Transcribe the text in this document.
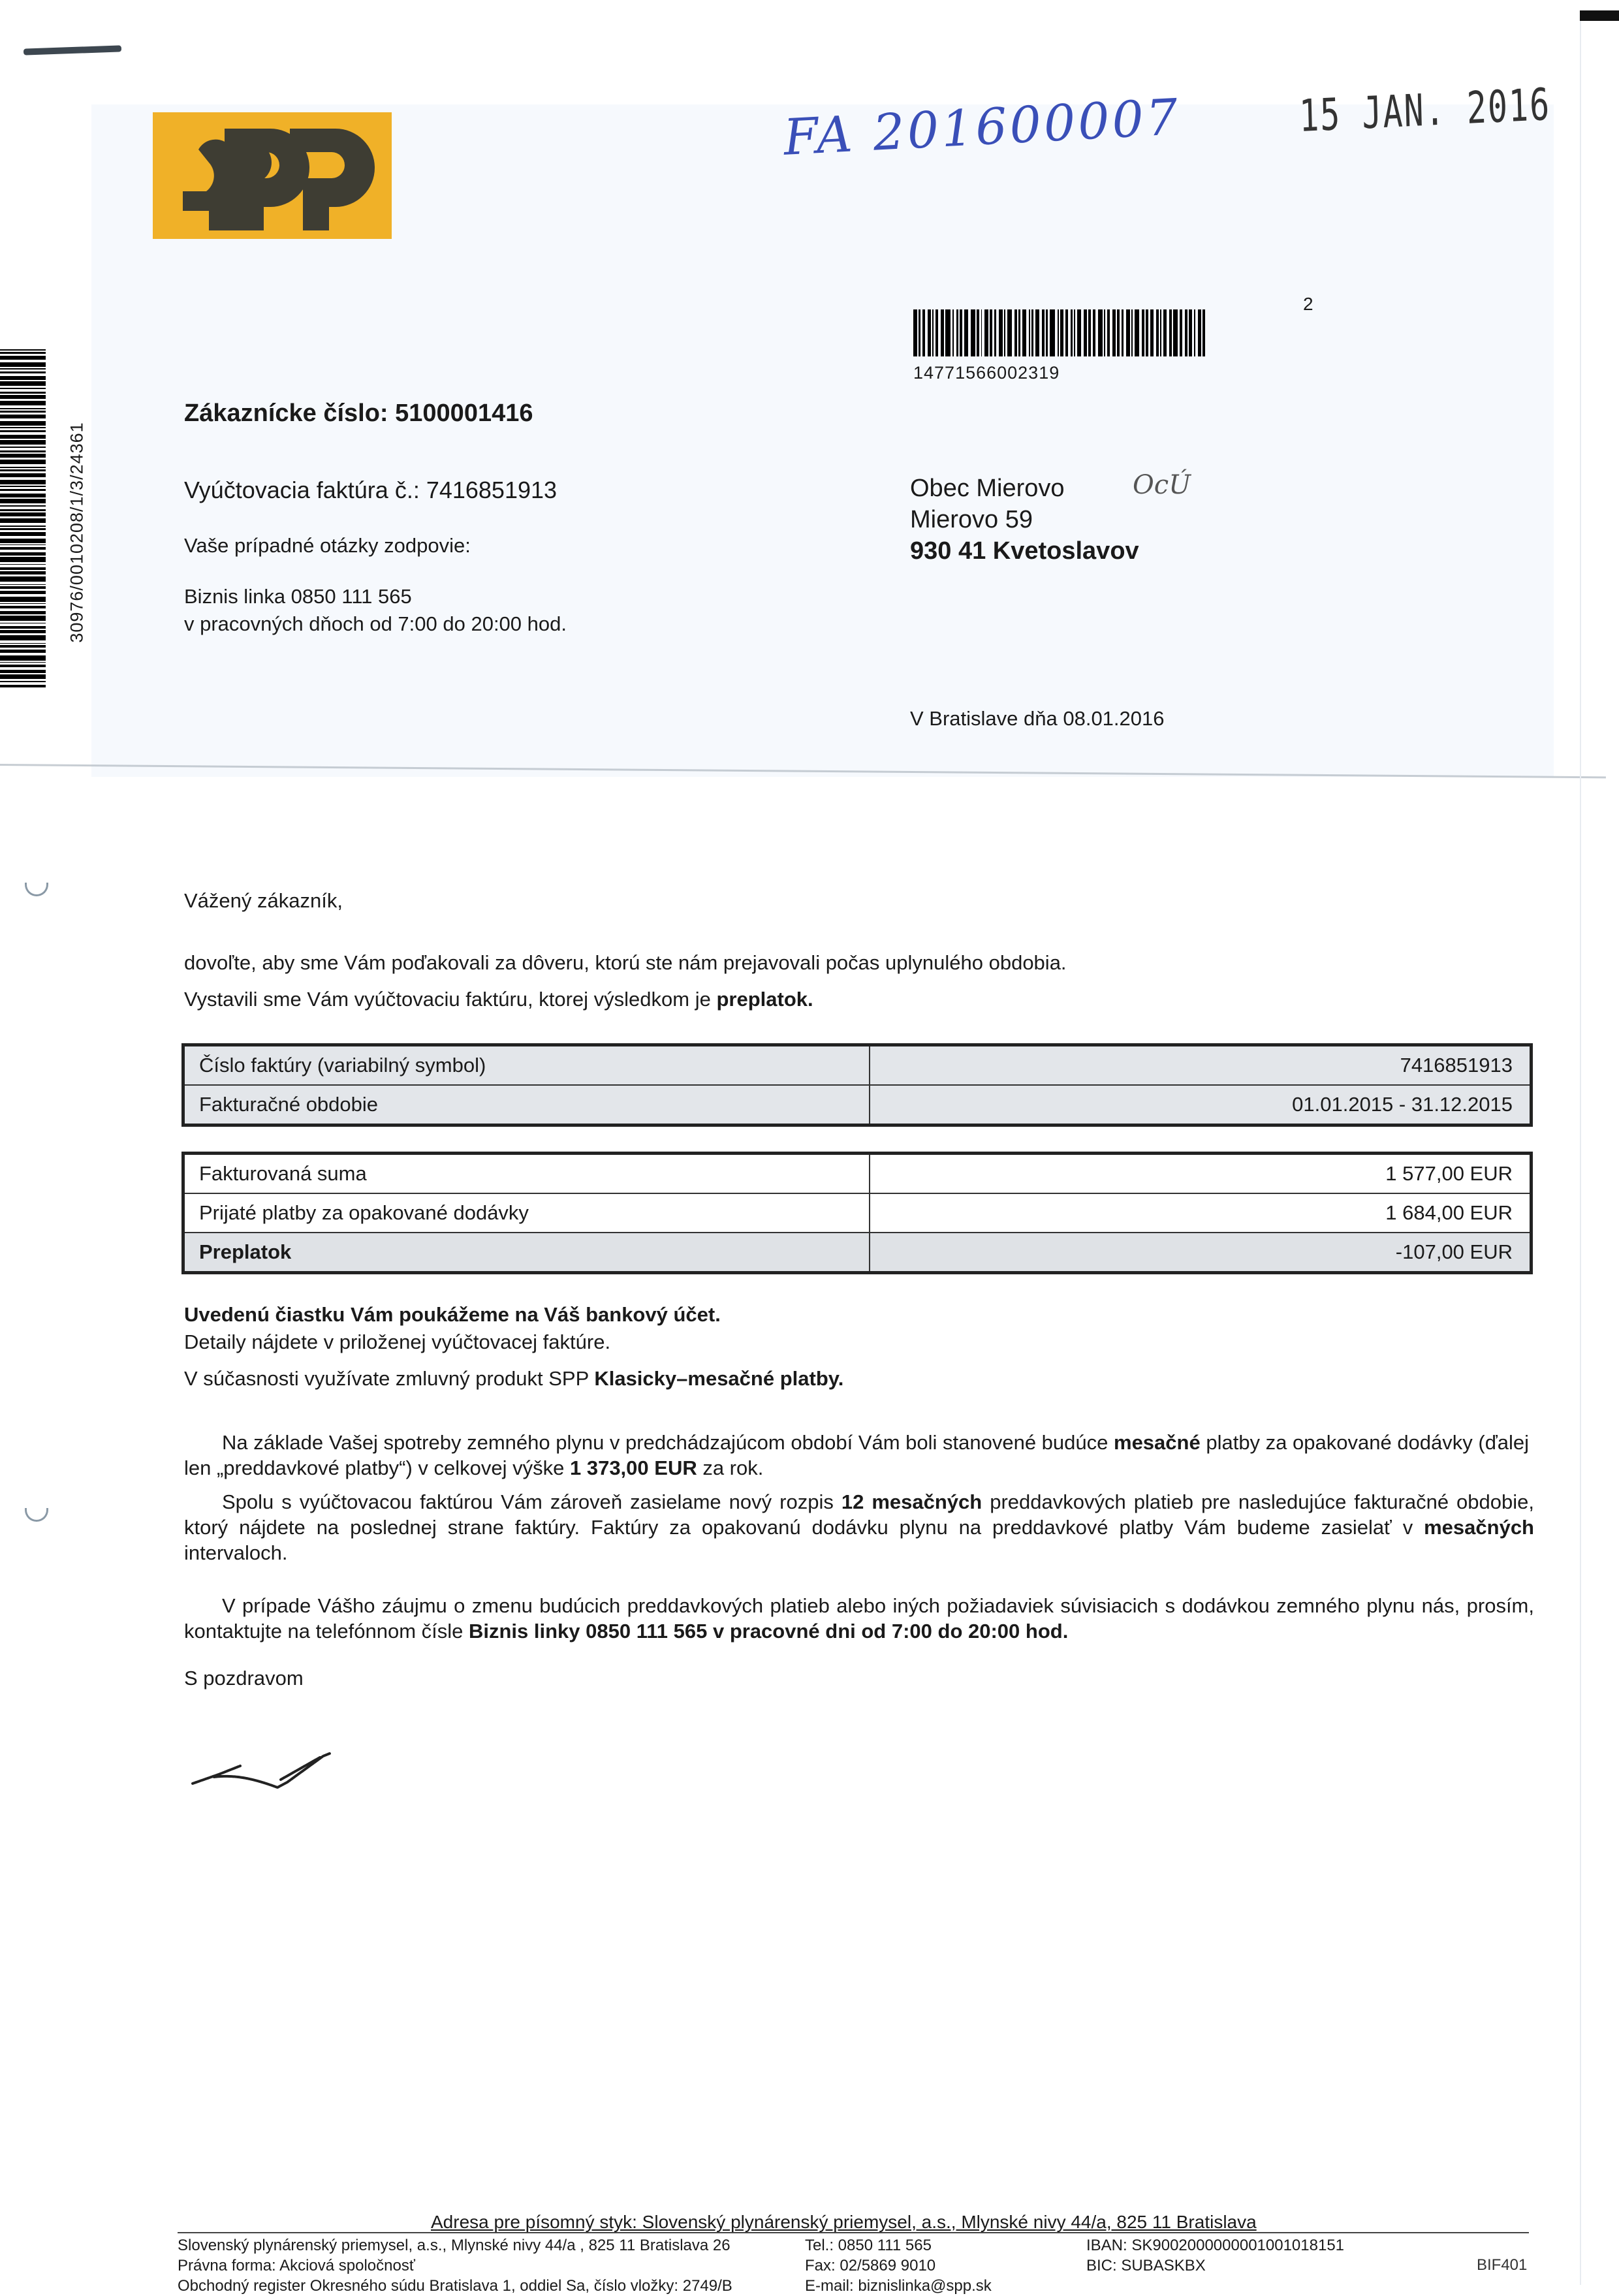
FA 201600007	15 JAN. 2016
2
14771566002319
30976/0010208/1/3/24361
Zákaznícke číslo: 5100001416
Vyúčtovacia faktúra č.: 7416851913
Vaše prípadné otázky zodpovie:
Biznis linka 0850 111 565
v pracovných dňoch od 7:00 do 20:00 hod.
Obec Mierovo
Mierovo 59
930 41 Kvetoslavov
OcÚ
V Bratislave dňa 08.01.2016
Vážený zákazník,
dovoľte, aby sme Vám poďakovali za dôveru, ktorú ste nám prejavovali počas uplynulého obdobia.
Vystavili sme Vám vyúčtovaciu faktúru, ktorej výsledkom je preplatok.
Číslo faktúry (variabilný symbol)	7416851913
Fakturačné obdobie	01.01.2015 - 31.12.2015
Fakturovaná suma	1 577,00 EUR
Prijaté platby za opakované dodávky	1 684,00 EUR
Preplatok	-107,00 EUR
Uvedenú čiastku Vám poukážeme na Váš bankový účet.
Detaily nájdete v priloženej vyúčtovacej faktúre.
V súčasnosti využívate zmluvný produkt SPP Klasicky–mesačné platby.
Na základe Vašej spotreby zemného plynu v predchádzajúcom období Vám boli stanovené budúce mesačné platby za opakované dodávky (ďalej len „preddavkové platby“) v celkovej výške 1 373,00 EUR za rok.
Spolu s vyúčtovacou faktúrou Vám zároveň zasielame nový rozpis 12 mesačných preddavkových platieb pre nasledujúce fakturačné obdobie, ktorý nájdete na poslednej strane faktúry. Faktúry za opakovanú dodávku plynu na preddavkové platby Vám budeme zasielať v mesačných intervaloch.
V prípade Vášho záujmu o zmenu budúcich preddavkových platieb alebo iných požiadaviek súvisiacich s dodávkou zemného plynu nás, prosím, kontaktujte na telefónnom čísle Biznis linky 0850 111 565 v pracovné dni od 7:00 do 20:00 hod.
S pozdravom
Adresa pre písomný styk: Slovenský plynárenský priemysel, a.s., Mlynské nivy 44/a, 825 11 Bratislava
Slovenský plynárenský priemysel, a.s., Mlynské nivy 44/a , 825 11 Bratislava 26
Právna forma: Akciová spoločnosť
Obchodný register Okresného súdu Bratislava 1, oddiel Sa, číslo vložky: 2749/B
Tel.: 0850 111 565
Fax: 02/5869 9010
E-mail: biznislinka@spp.sk
IBAN: SK9002000000001001018151
BIC: SUBASKBX	BIF401
